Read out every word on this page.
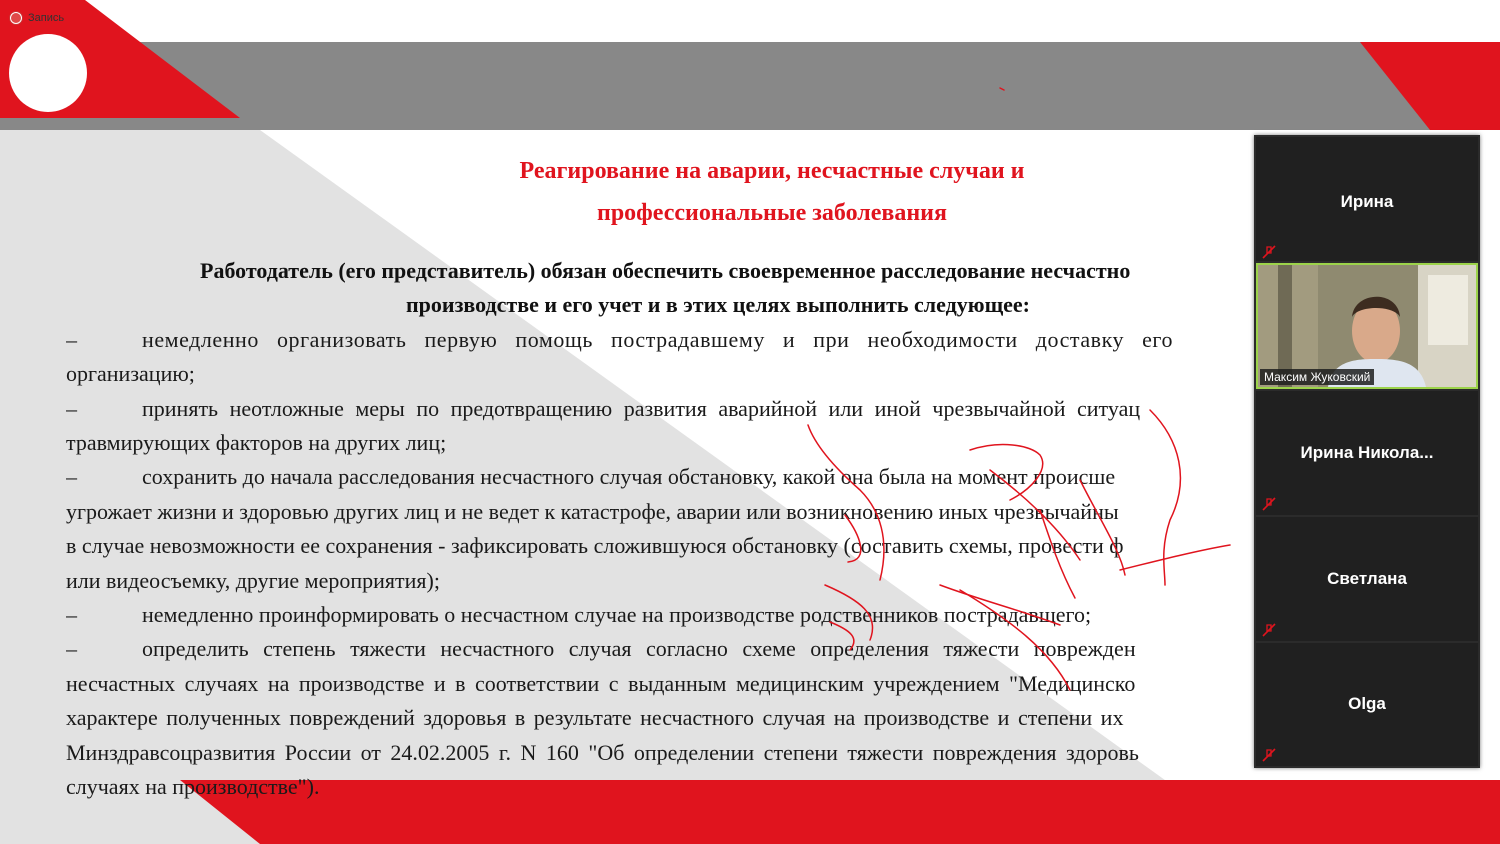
Запись
Реагирование на аварии, несчастные случаи и
профессиональные заболевания
Работодатель (его представитель) обязан обеспечить своевременное расследование несчастно
производстве и его учет и в этих целях выполнить следующее:
–	немедленно организовать первую помощь пострадавшему и при необходимости доставку его
организацию;
–	принять неотложные меры по предотвращению развития аварийной или иной чрезвычайной ситуац
травмирующих факторов на других лиц;
–	сохранить до начала расследования несчастного случая обстановку, какой она была на момент происше
угрожает жизни и здоровью других лиц и не ведет к катастрофе, аварии или возникновению иных чрезвычайны
в случае невозможности ее сохранения - зафиксировать сложившуюся обстановку (составить схемы, провести ф
или видеосъемку, другие мероприятия);
–	немедленно проинформировать о несчастном случае на производстве родственников пострадавщего;
–	определить степень тяжести несчастного случая согласно схеме определения тяжести поврежден
несчастных случаях на производстве и в соответствии с выданным медицинским учреждением "Медицинско
характере полученных повреждений здоровья в результате несчастного случая на производстве и степени их
Минздравсоцразвития России от 24.02.2005 г. N 160 "Об определении степени тяжести повреждения здоровь
случаях на производстве").
Ирина
Максим Жуковский
Ирина Никола...
Светлана
Olga
